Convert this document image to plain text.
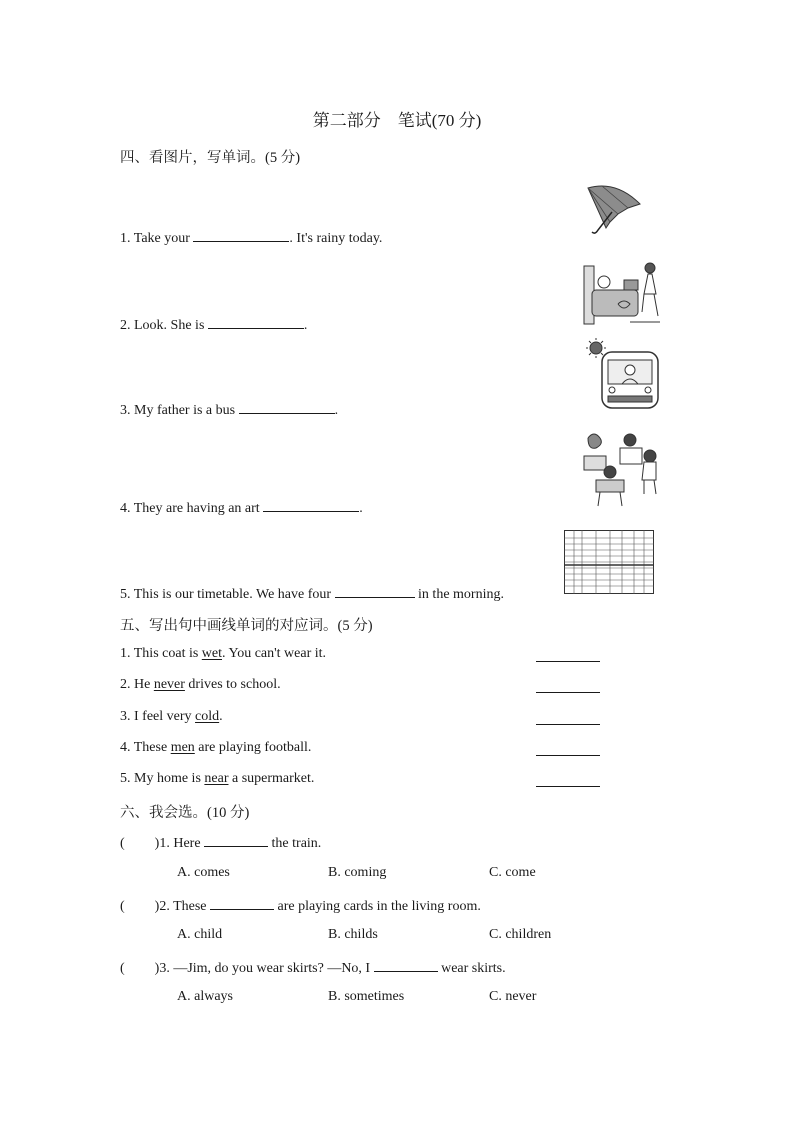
第二部分　笔试(70 分)
四、看图片，写单词。(5 分)
1. Take your	. It's rainy today.
2. Look. She is	.
3. My father is a bus	.
4. They are having an art	.
5. This is our timetable. We have four	in the morning.
五、写出句中画线单词的对应词。(5 分)
1. This coat is wet. You can't wear it.
2. He never drives to school.
3. I feel very cold.
4. These men are playing football.
5. My home is near a supermarket.
六、我会选。(10 分)
( )1. Here	the train.
A. comes	B. coming	C. come
( )2. These	are playing cards in the living room.
A. child	B. childs	C. children
( )3. —Jim, do you wear skirts? —No, I	wear skirts.
A. always	B. sometimes	C. never
